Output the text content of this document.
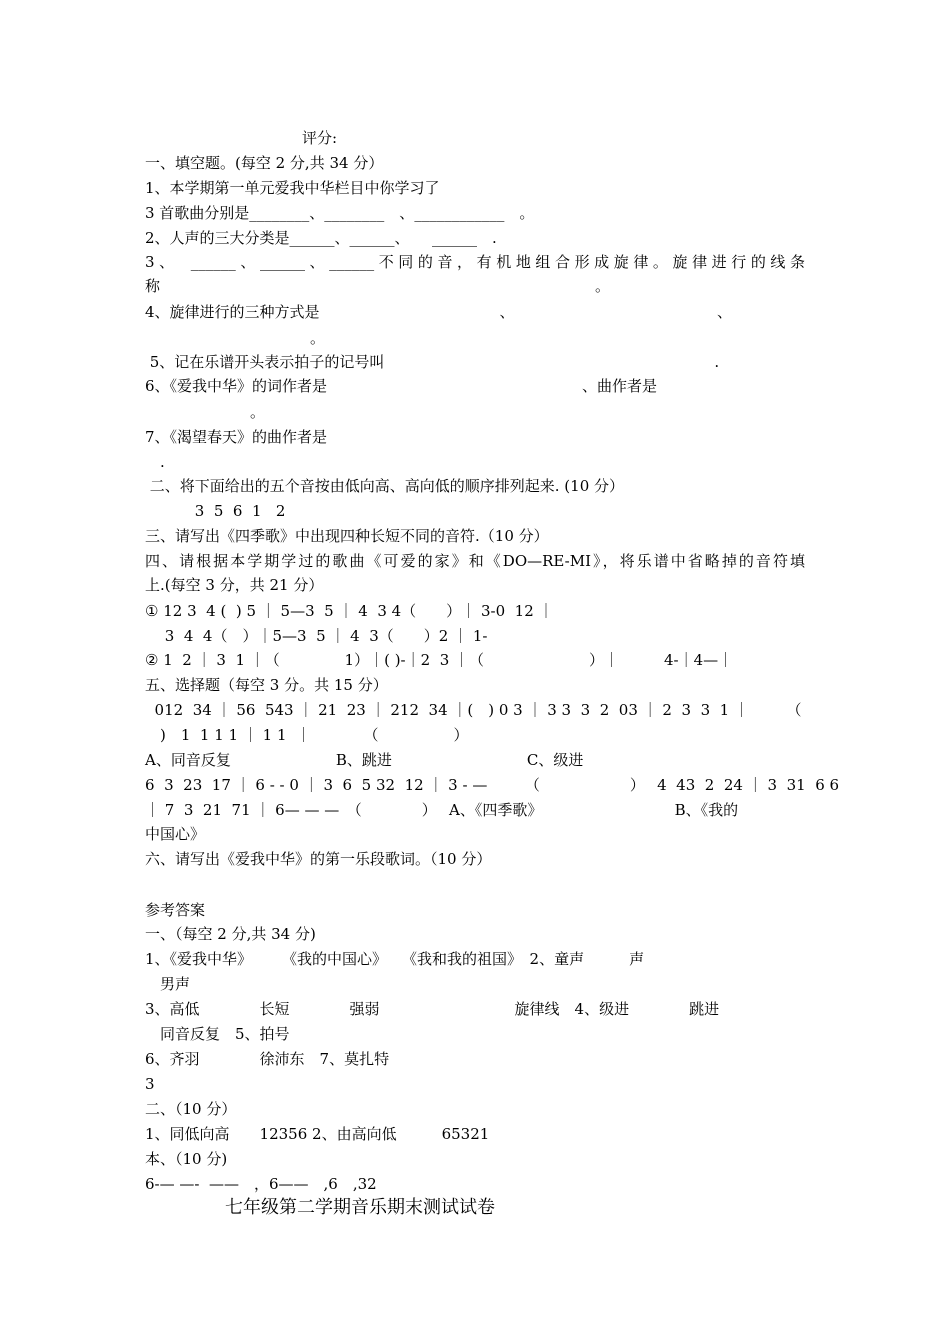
评分:
一、填空题。(每空 2 分,共 34 分）
1、本学期第一单元爱我中华栏目中你学习了
3 首歌曲分别是________、________　、____________　。
2、人声的三大分类是______、______、　　______　.
3、　______、______、______不同的音，有机地组合形成旋律。旋律进行的线条
称　　　　　　　　　　　　　　　　　　　　　　　　　　　　　。
4、旋律进行的三种方式是　　　　　　　　　　　　、　　　　　　　　　　　　　　、
　　　　　　　　　　　。
5、记在乐谱开头表示拍子的记号叫　　　　　　　　　　　　　　　　　　　　　　.
6、《爱我中华》的词作者是　　　　　　　　　　　　　　　　　、曲作者是
　　　　　　　。
7、《渴望春天》的曲作者是
　.
二、将下面给出的五个音按由低向高、高向低的顺序排列起来. (10 分）
　　　 3  5  6  1   2
三、请写出《四季歌》中出现四种长短不同的音符.（10 分）
四、请根据本学期学过的歌曲《可爱的家》和《DO—RE-MI》，将乐谱中省略掉的音符填
上.(每空 3 分，共 21 分）
① 12 3  4 (  ) 5 ｜ 5—3  5 ｜ 4  3 4（　　）｜ 3-0  12 ｜
　 3  4  4（　）｜5—3  5 ｜ 4  3（　　）2 ｜ 1-
② 1  2 ｜ 3  1 ｜（　　　　 1）｜( )-｜2  3 ｜（　　　　　　　）｜　　　4-｜4—｜
五、选择题（每空 3 分。共 15 分）
012  34 ｜ 56  543 ｜ 21  23 ｜ 212  34 ｜(　) 0 3 ｜ 3 3  3  2  03 ｜ 2  3  3  1 ｜　　　（
　)　1  1 1 1 ｜ 1 1  ｜　　　　（　　　　　）
A、同音反复　　　　　　　B、跳进　　　　　　　　　C、级进
6  3  23  17 ｜ 6 - - 0 ｜ 3  6  5 32  12 ｜ 3 - —　　　（　　　　　　）　 4  43  2  24 ｜ 3  31  6 6
｜ 7  3  21  71 ｜ 6— — —　（　　　　）　 A、《四季歌》　　　　　　　　　 B、《我的
中国心》
六、请写出《爱我中华》的第一乐段歌词。（10 分）
参考答案
一、（每空 2 分,共 34 分)
1、《爱我中华》　　　《我的中国心》　　《我和我的祖国》　2、童声　　　声
　男声
3、高低　　　　长短　　　　强弱　　　　　　　　　旋律线　4、级进　　　　跳进
　同音反复　5、拍号
6、齐羽　　　　徐沛东　7、莫扎特
3
二、（10 分）
1、同低向高　　12356 2、由高向低　　　65321
本、（10 分)
6-— —-  ——　，6——　,6　,32
七年级第二学期音乐期末测试试卷
